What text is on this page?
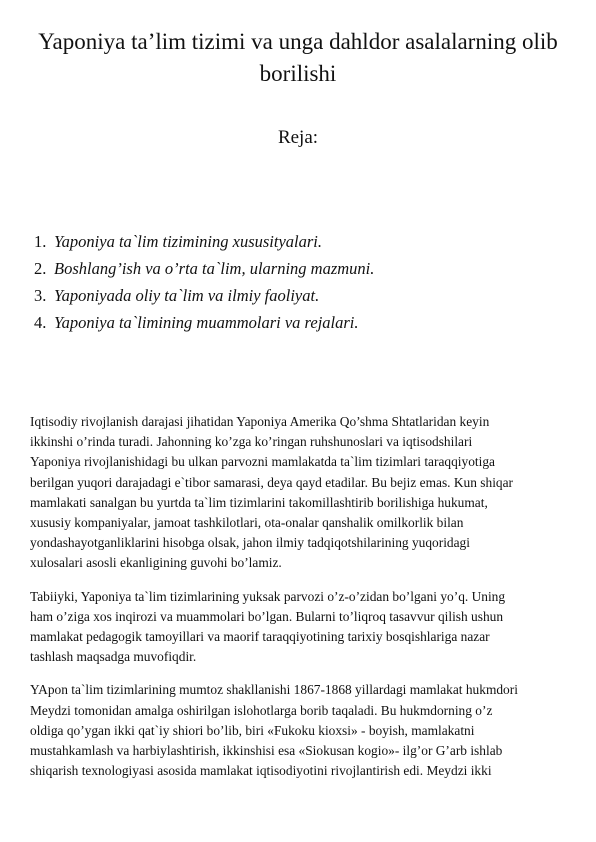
Yaponiya ta’lim tizimi va unga dahldor asalalarning olib
borilishi
Reja:
1. Yaponiya ta`lim tizimining xususityalari.
2. Boshlang’ish va o’rta ta`lim, ularning mazmuni.
3. Yaponiyada oliy ta`lim va ilmiy faoliyat.
4. Yaponiya ta`limining muammolari va rejalari.

Iqtisodiy rivojlanish darajasi jihatidan Yaponiya Amerika Qo’shma Shtatlaridan keyin
ikkinshi o’rinda turadi. Jahonning ko’zga ko’ringan ruhshunoslari va iqtisodshilari
Yaponiya rivojlanishidagi bu ulkan parvozni mamlakatda ta`lim tizimlari taraqqiyotiga
berilgan yuqori darajadagi e`tibor samarasi, deya qayd etadilar. Bu bejiz emas. Kun shiqar
mamlakati sanalgan bu yurtda ta`lim tizimlarini takomillashtirib borilishiga hukumat,
xususiy kompaniyalar, jamoat tashkilotlari, ota-onalar qanshalik omilkorlik bilan
yondashayotganliklarini hisobga olsak, jahon ilmiy tadqiqotshilarining yuqoridagi
xulosalari asosli ekanligining guvohi bo’lamiz.

Tabiiyki, Yaponiya ta`lim tizimlarining yuksak parvozi o’z-o’zidan bo’lgani yo’q. Uning
ham o’ziga xos inqirozi va muammolari bo’lgan. Bularni to’liqroq tasavvur qilish ushun
mamlakat pedagogik tamoyillari va maorif taraqqiyotining tarixiy bosqishlariga nazar
tashlash maqsadga muvofiqdir.

YApon ta`lim tizimlarining mumtoz shakllanishi 1867-1868 yillardagi mamlakat hukmdori
Meydzi tomonidan amalga oshirilgan islohotlarga borib taqaladi. Bu hukmdorning o’z
oldiga qo’ygan ikki qat`iy shiori bo’lib, biri «Fukoku kioxsi» - boyish, mamlakatni
mustahkamlash va harbiylashtirish, ikkinshisi esa «Siokusan kogio»- ilg’or G’arb ishlab
shiqarish texnologiyasi asosida mamlakat iqtisodiyotini rivojlantirish edi. Meydzi ikki
